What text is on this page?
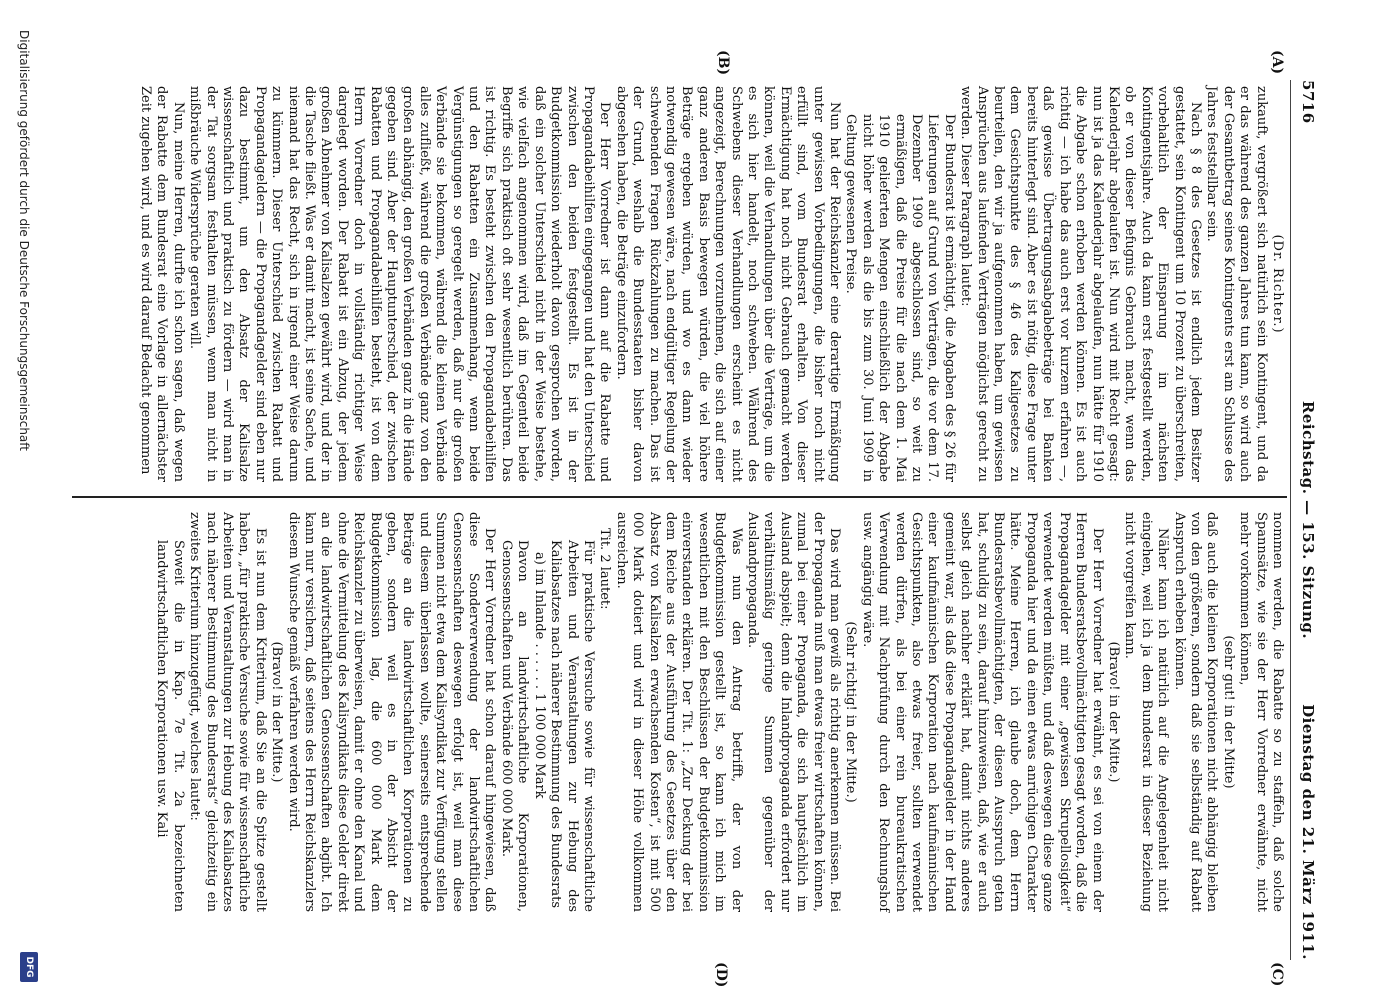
5716
Reichstag. — 153. Sitzung.
Dienstag den 21. März 1911.
(A)
(B)
(C)
(D)

(Dr. Richter.)

zukauft, vergrößert sich natürlich sein Kontingent, und da er das während des ganzen Jahres tun kann, so wird auch der Gesamtbetrag seines Kontingents erst am Schlusse des Jahres feststellbar sein.

Nach § 8 des Gesetzes ist endlich jedem Besitzer gestattet, sein Kontingent um 10 Prozent zu überschreiten, vorbehaltlich der Einsparung im nächsten Kontingentsjahre. Auch da kann erst festgestellt werden, ob er von dieser Befugnis Gebrauch macht, wenn das Kalenderjahr abgelaufen ist. Nun wird mit Recht gesagt: nun ist ja das Kalenderjahr abgelaufen, nun hätte für 1910 die Abgabe schon erhoben werden können. Es ist auch richtig — ich habe das auch erst vor kurzem erfahren —, daß gewisse Übertragungsabgabebeträge bei Banken bereits hinterlegt sind. Aber es ist nötig, diese Frage unter dem Gesichtspunkte des § 46 des Kaligesetzes zu beurteilen, den wir ja aufgenommen haben, um gewissen Ansprüchen aus laufenden Verträgen möglichst gerecht zu werden. Dieser Paragraph lautet:

Der Bundesrat ist ermächtigt, die Abgaben des § 26 für Lieferungen auf Grund von Verträgen, die vor dem 17. Dezember 1909 abgeschlossen sind, so weit zu ermäßigen, daß die Preise für die nach dem 1. Mai 1910 gelieferten Mengen einschließlich der Abgabe nicht höher werden als die bis zum 30. Juni 1909 in Geltung gewesenen Preise.

Nun hat der Reichskanzler eine derartige Ermäßigung unter gewissen Vorbedingungen, die bisher noch nicht erfüllt sind, vom Bundesrat erhalten. Von dieser Ermächtigung hat noch nicht Gebrauch gemacht werden können, weil die Verhandlungen über die Verträge, um die es sich hier handelt, noch schweben. Während des Schwebens dieser Verhandlungen erscheint es nicht angezeigt, Berechnungen vorzunehmen, die sich auf einer ganz anderen Basis bewegen würden, die viel höhere Beträge ergeben würden, und wo es dann wieder notwendig gewesen wäre, nach endgültiger Regelung der schwebenden Fragen Rückzahlungen zu machen. Das ist der Grund, weshalb die Bundesstaaten bisher davon abgesehen haben, die Beträge einzufordern.

Der Herr Vorredner ist dann auf die Rabatte und Propagandabeihilfen eingegangen und hat den Unterschied zwischen den beiden festgestellt. Es ist in der Budgetkommission wiederholt davon gesprochen worden, daß ein solcher Unterschied nicht in der Weise bestehe, wie vielfach angenommen wird, daß im Gegenteil beide Begriffe sich praktisch oft sehr wesentlich berühren. Das ist richtig. Es besteht zwischen den Propagandabeihilfen und den Rabatten ein Zusammenhang, wenn beide Vergünstigungen so geregelt werden, daß nur die großen Verbände sie bekommen, während die kleinen Verbände alles zufließt, während die großen Verbände ganz von den großen abhängig, den großen Verbänden ganz in die Hände gegeben sind. Aber der Hauptunterschied, der zwischen Rabatten und Propagandabeihilfen besteht, ist von dem Herrn Vorredner doch in vollständig richtiger Weise dargelegt worden. Der Rabatt ist ein Abzug, der jedem großen Abnehmer von Kalisalzen gewährt wird, und der in die Tasche fließt. Was er damit macht, ist seine Sache, und niemand hat das Recht, sich in irgend einer Weise darum zu kümmern. Dieser Unterschied zwischen Rabatt und Propagandageldern — die Propagandagelder sind eben nur dazu bestimmt, um den Absatz der Kalisalze wissenschaftlich und praktisch zu fördern — wird man in der Tat sorgsam festhalten müssen, wenn man nicht in mißbräuche Widersprüche geraten will.

Nun, meine Herren, durfte ich schon sagen, daß wegen der Rabatte dem Bundesrat eine Vorlage in allernächster Zeit zugehen wird, und es wird darauf Bedacht genommen

nommen werden, die Rabatte so zu staffeln, daß solche Spannsätze, wie sie der Herr Vorredner erwähnte, nicht mehr vorkommen können,

(sehr gut! in der Mitte)

daß auch die kleinen Korporationen nicht abhängig bleiben von den größeren, sondern daß sie selbständig auf Rabatt Anspruch erheben können.

Näher kann ich natürlich auf die Angelegenheit nicht eingehen, weil ich ja dem Bundesrat in dieser Beziehung nicht vorgreifen kann.

(Bravo! in der Mitte.)

Der Herr Vorredner hat erwähnt, es sei von einem der Herren Bundesratsbevollmächtigten gesagt worden, daß die Propagandagelder mit einer „gewissen Skrupellosigkeit“ verwendet werden müßten, und daß deswegen diese ganze Propaganda hier und da einen etwas anrüchigen Charakter hätte. Meine Herren, ich glaube doch, dem Herrn Bundesratsbevollmächtigten, der diesen Ausspruch getan hat, schuldig zu sein, darauf hinzuweisen, daß, wie er auch selbst gleich nachher erklärt hat, damit nichts anderes gemeint war, als daß diese Propagandagelder in der Hand einer kaufmännischen Korporation nach kaufmännischen Gesichtspunkten, also etwas freier, sollten verwendet werden dürfen, als bei einer rein bureaukratischen Verwendung mit Nachprüfung durch den Rechnungshof usw. angängig wäre.

(Sehr richtig! in der Mitte.)

Das wird man gewiß als richtig anerkennen müssen. Bei der Propaganda muß man etwas freier wirtschaften können, zumal bei einer Propaganda, die sich hauptsächlich im Ausland abspielt; denn die Inlandpropaganda erfordert nur verhältnismäßig geringe Summen gegenüber der Auslandpropaganda.

Was nun den Antrag betrifft, der von der Budgetkommission gestellt ist, so kann ich mich im wesentlichen mit den Beschlüssen der Budgetkommission einverstanden erklären. Der Tit. 1: „Zur Deckung der bei dem Reiche aus der Ausführung des Gesetzes über den Absatz von Kalisalzen erwachsenden Kosten“, ist mit 500 000 Mark dotiert und wird in dieser Höhe vollkommen ausreichen.

Tit. 2 lautet:

Für praktische Versuche sowie für wissenschaftliche Arbeiten und Veranstaltungen zur Hebung des Kaliabsatzes nach näherer Bestimmung des Bundesrats

a) im Inlande . . . . . . 1 100 000 Mark

Davon an landwirtschaftliche Korporationen, Genossenschaften und Verbände 600 000 Mark.

Der Herr Vorredner hat schon darauf hingewiesen, daß diese Sonderverwendung der landwirtschaftlichen Genossenschaften deswegen erfolgt ist, weil man diese Summen nicht etwa dem Kalisyndikat zur Verfügung stellen und diesem überlassen wollte, seinerseits entsprechende Beträge an die landwirtschaftlichen Korporationen zu geben, sondern weil es in der Absicht der Budgetkommission lag, die 600 000 Mark dem Reichskanzler zu überweisen, damit er ohne den Kanal und ohne die Vermittelung des Kalisyndikats diese Gelder direkt an die landwirtschaftlichen Genossenschaften abgibt. Ich kann nur versichern, daß seitens des Herrn Reichskanzlers diesem Wunsche gemäß verfahren werden wird.

(Bravo! in der Mitte.)

Es ist nun dem Kriterium, daß Sie an die Spitze gestellt haben, „für praktische Versuche sowie für wissenschaftliche Arbeiten und Veranstaltungen zur Hebung des Kaliabsatzes nach näherer Bestimmung des Bundesrats“ gleichzeitig ein zweites Kriterium hinzugefügt, welches lautet:

Soweit die in Kap. 7e Tit. 2a bezeichneten landwirtschaftlichen Korporationen usw. Kali

Digitalisierung gefördert durch die Deutsche Forschungsgemeinschaft
DFG
